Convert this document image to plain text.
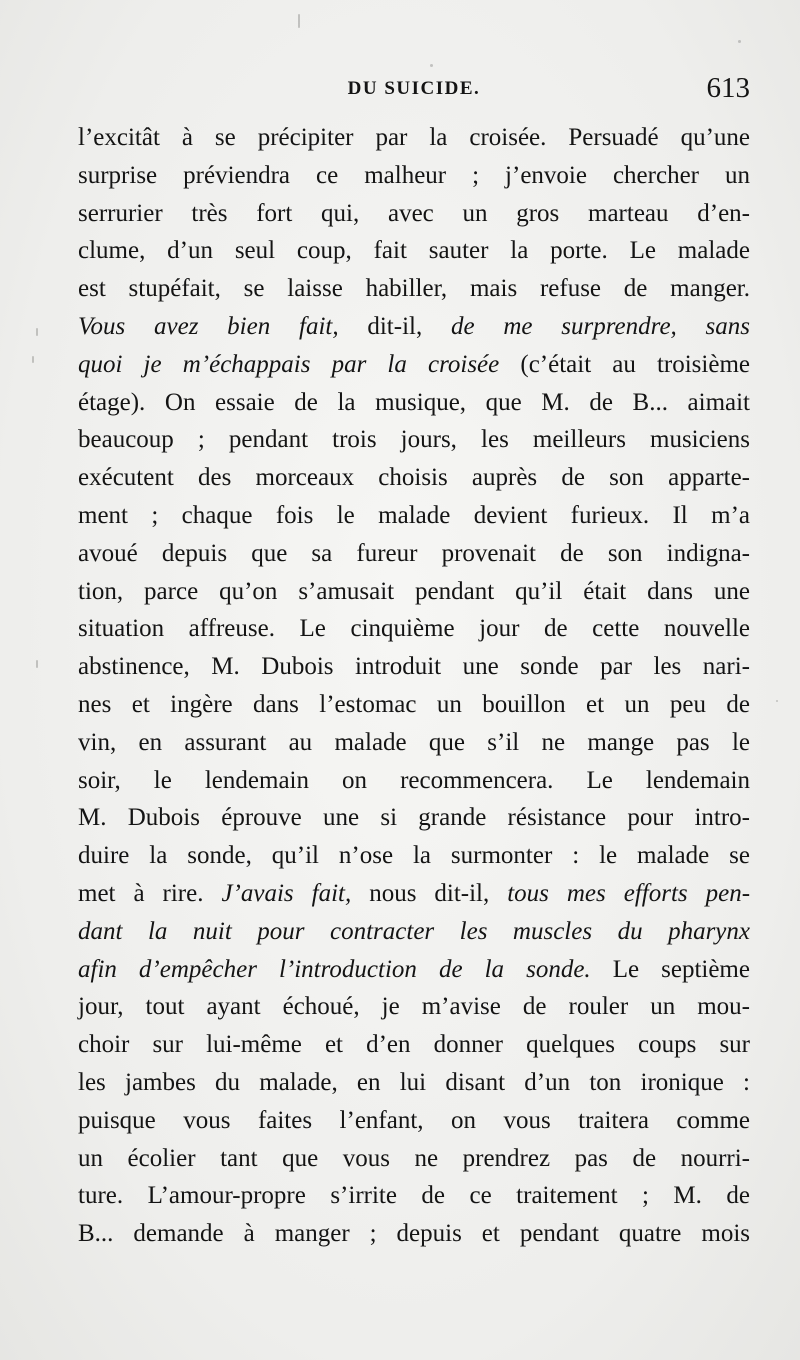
DU SUICIDE.	613
l’excitât à se précipiter par la croisée. Persuadé qu’une
surprise préviendra ce malheur ; j’envoie chercher un
serrurier très fort qui, avec un gros marteau d’en-
clume, d’un seul coup, fait sauter la porte. Le malade
est stupéfait, se laisse habiller, mais refuse de manger.
Vous avez bien fait, dit-il, de me surprendre, sans
quoi je m’échappais par la croisée (c’était au troisième
étage). On essaie de la musique, que M. de B... aimait
beaucoup ; pendant trois jours, les meilleurs musiciens
exécutent des morceaux choisis auprès de son apparte-
ment ; chaque fois le malade devient furieux. Il m’a
avoué depuis que sa fureur provenait de son indigna-
tion, parce qu’on s’amusait pendant qu’il était dans une
situation affreuse. Le cinquième jour de cette nouvelle
abstinence, M. Dubois introduit une sonde par les nari-
nes et ingère dans l’estomac un bouillon et un peu de
vin, en assurant au malade que s’il ne mange pas le
soir, le lendemain on recommencera. Le lendemain
M. Dubois éprouve une si grande résistance pour intro-
duire la sonde, qu’il n’ose la surmonter : le malade se
met à rire. J’avais fait, nous dit-il, tous mes efforts pen-
dant la nuit pour contracter les muscles du pharynx
afin d’empêcher l’introduction de la sonde. Le septième
jour, tout ayant échoué, je m’avise de rouler un mou-
choir sur lui-même et d’en donner quelques coups sur
les jambes du malade, en lui disant d’un ton ironique :
puisque vous faites l’enfant, on vous traitera comme
un écolier tant que vous ne prendrez pas de nourri-
ture. L’amour-propre s’irrite de ce traitement ; M. de
B... demande à manger ; depuis et pendant quatre mois
